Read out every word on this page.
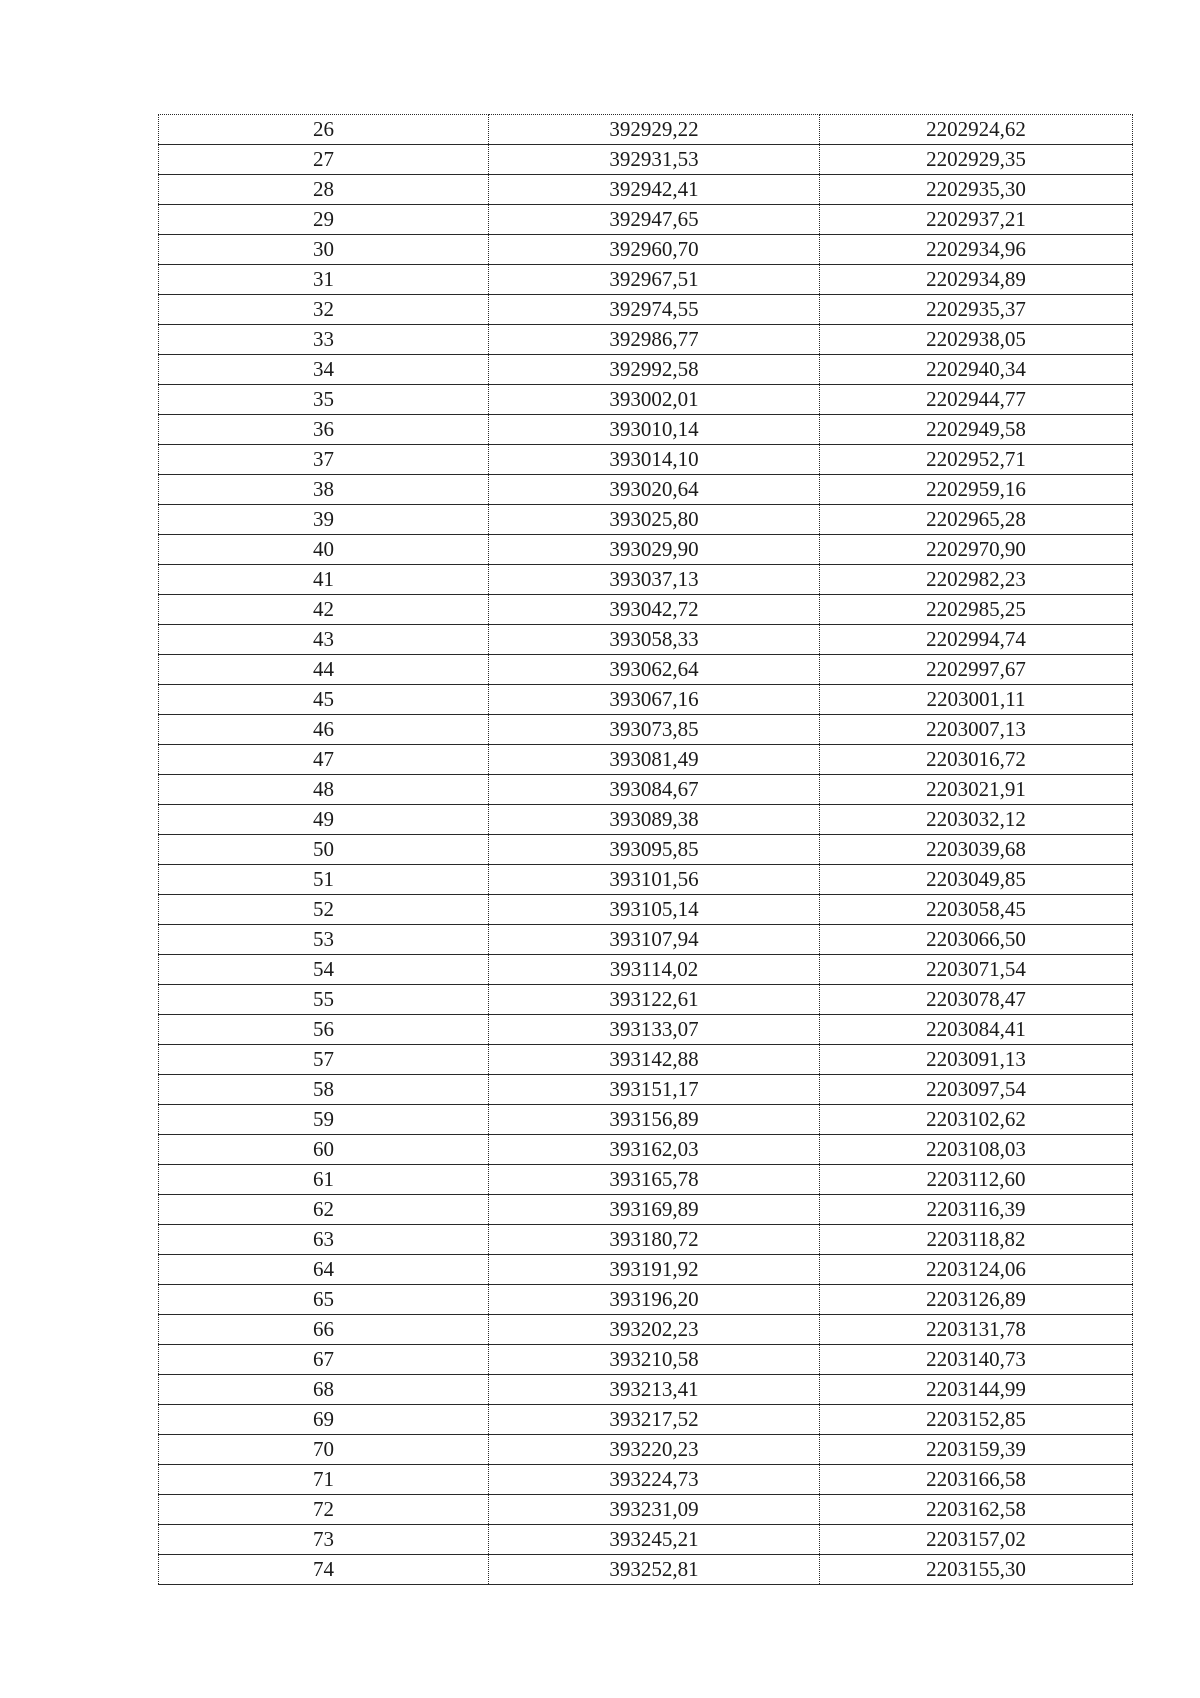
26	392929,22	2202924,62
27	392931,53	2202929,35
28	392942,41	2202935,30
29	392947,65	2202937,21
30	392960,70	2202934,96
31	392967,51	2202934,89
32	392974,55	2202935,37
33	392986,77	2202938,05
34	392992,58	2202940,34
35	393002,01	2202944,77
36	393010,14	2202949,58
37	393014,10	2202952,71
38	393020,64	2202959,16
39	393025,80	2202965,28
40	393029,90	2202970,90
41	393037,13	2202982,23
42	393042,72	2202985,25
43	393058,33	2202994,74
44	393062,64	2202997,67
45	393067,16	2203001,11
46	393073,85	2203007,13
47	393081,49	2203016,72
48	393084,67	2203021,91
49	393089,38	2203032,12
50	393095,85	2203039,68
51	393101,56	2203049,85
52	393105,14	2203058,45
53	393107,94	2203066,50
54	393114,02	2203071,54
55	393122,61	2203078,47
56	393133,07	2203084,41
57	393142,88	2203091,13
58	393151,17	2203097,54
59	393156,89	2203102,62
60	393162,03	2203108,03
61	393165,78	2203112,60
62	393169,89	2203116,39
63	393180,72	2203118,82
64	393191,92	2203124,06
65	393196,20	2203126,89
66	393202,23	2203131,78
67	393210,58	2203140,73
68	393213,41	2203144,99
69	393217,52	2203152,85
70	393220,23	2203159,39
71	393224,73	2203166,58
72	393231,09	2203162,58
73	393245,21	2203157,02
74	393252,81	2203155,30
